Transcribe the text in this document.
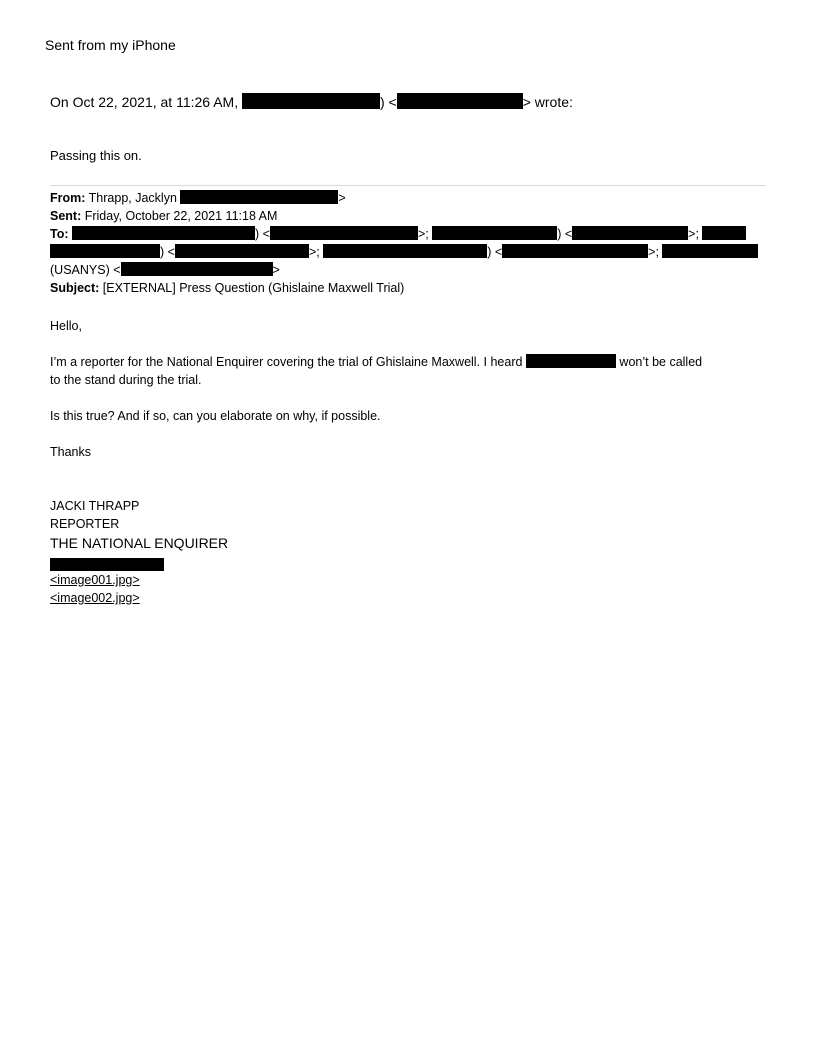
Sent from my iPhone
On Oct 22, 2021, at 11:26 AM,	) <	> wrote:
Passing this on.
From: Thrapp, Jacklyn	>
Sent: Friday, October 22, 2021 11:18 AM
To:	) <	>;	) <	>;
) <	>;	) <	>;
(USANYS) <	>
Subject: [EXTERNAL] Press Question (Ghislaine Maxwell Trial)
Hello,
I’m a reporter for the National Enquirer covering the trial of Ghislaine Maxwell. I heard	won’t be called
to the stand during the trial.
Is this true? And if so, can you elaborate on why, if possible.
Thanks
JACKI THRAPP
REPORTER
THE NATIONAL ENQUIRER
<image001.jpg>
<image002.jpg>
